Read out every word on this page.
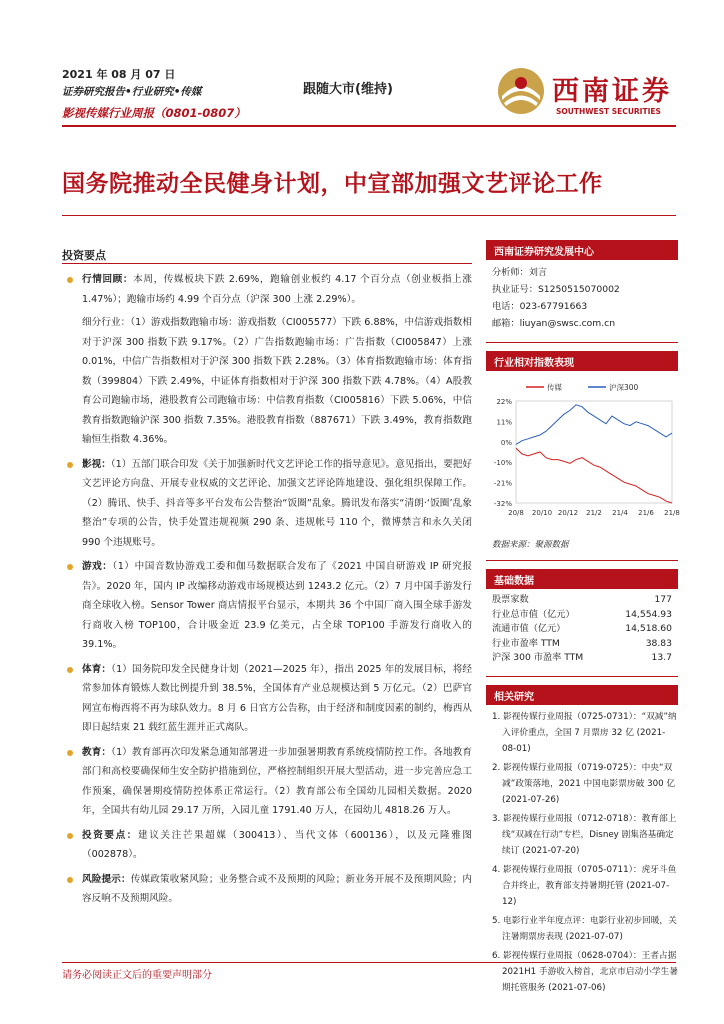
2021 年 08 月 07 日
证券研究报告•行业研究•传媒
影视传媒行业周报（0801-0807）
跟随大市(维持)	西南证券
SOUTHWEST SECURITIES
国务院推动全民健身计划，中宣部加强文艺评论工作
投资要点
行情回顾：本周，传媒板块下跌 2.69%，跑输创业板约 4.17 个百分点（创业板指上涨 1.47%）；跑输市场约 4.99 个百分点（沪深 300 上涨 2.29%）。

细分行业：（1）游戏指数跑输市场：游戏指数（CI005577）下跌 6.88%，中信游戏指数相对于沪深 300 指数下跌 9.17%。（2）广告指数跑输市场：广告指数（CI005847）上涨 0.01%，中信广告指数相对于沪深 300 指数下跌 2.28%。（3）体育指数跑输市场：体育指数（399804）下跌 2.49%，中证体育指数相对于沪深 300 指数下跌 4.78%。（4）A股教育公司跑输市场，港股教育公司跑输市场：中信教育指数（CI005816）下跌 5.06%，中信教育指数跑输沪深 300 指数 7.35%。港股教育指数（887671）下跌 3.49%，教育指数跑输恒生指数 4.36%。

影视：（1）五部门联合印发《关于加强新时代文艺评论工作的指导意见》。意见指出，要把好文艺评论方向盘、开展专业权威的文艺评论、加强文艺评论阵地建设、强化组织保障工作。（2）腾讯、快手、抖音等多平台发布公告整治“饭圈”乱象。腾讯发布落实“清朗·‘饭圈’乱象整治”专项的公告，快手处置违规视频 290 条、违规帐号 110 个，微博禁言和永久关闭 990 个违规账号。
游戏：（1）中国音数协游戏工委和伽马数据联合发布了《2021 中国自研游戏 IP 研究报告》。2020 年，国内 IP 改编移动游戏市场规模达到 1243.2 亿元。（2）7 月中国手游发行商全球收入榜。Sensor Tower 商店情报平台显示，本期共 36 个中国厂商入围全球手游发行商收入榜 TOP100，合计吸金近 23.9 亿美元，占全球 TOP100 手游发行商收入的 39.1%。
体育：（1）国务院印发全民健身计划（2021—2025 年），指出 2025 年的发展目标，将经常参加体育锻炼人数比例提升到 38.5%，全国体育产业总规模达到 5 万亿元。（2）巴萨官网宣布梅西将不再为球队效力。8 月 6 日官方公告称，由于经济和制度因素的制约，梅西从即日起结束 21 载红蓝生涯并正式离队。
教育：（1）教育部再次印发紧急通知部署进一步加强暑期教育系统疫情防控工作。各地教育部门和高校要确保师生安全防护措施到位，严格控制组织开展大型活动，进一步完善应急工作预案，确保暑期疫情防控体系正常运行。（2）教育部公布全国幼儿园相关数据。2020 年，全国共有幼儿园 29.17 万所，入园儿童 1791.40 万人，在园幼儿 4818.26 万人。
投资要点：建议关注芒果超媒（300413）、当代文体（600136），以及元隆雅图（002878）。
风险提示：传媒政策收紧风险；业务整合或不及预期的风险；新业务开展不及预期风险；内容反响不及预期风险。
西南证券研究发展中心
分析师：刘言
执业证号：S1250515070002
电话：023-67791663
邮箱：liuyan@swsc.com.cn
行业相对指数表现
22%
11%
0%
-10%
-21%
-32%
20/8 20/10 20/12 21/2 21/4 21/6 21/8
传媒	沪深300
数据来源：聚源数据
基础数据
股票家数	177
行业总市值（亿元）	14,554.93
流通市值（亿元）	14,518.60
行业市盈率 TTM	38.83
沪深 300 市盈率 TTM	13.7
相关研究
1. 影视传媒行业周报（0725-0731）：“双减”纳入评价重点，全国 7 月票房 32 亿 (2021-08-01)
2. 影视传媒行业周报（0719-0725）：中央“双减”政策落地，2021 中国电影票房破 300 亿 (2021-07-26)
3. 影视传媒行业周报（0712-0718）：教育部上线“双减在行动”专栏，Disney 剧集洛基确定续订 (2021-07-20)
4. 影视传媒行业周报（0705-0711）：虎牙斗鱼合并终止，教育部支持暑期托管 (2021-07-12)
5. 电影行业半年度点评：电影行业初步回暖，关注暑期票房表现 (2021-07-07)
6. 影视传媒行业周报（0628-0704）：王者占据 2021H1 手游收入榜首，北京市启动小学生暑期托管服务 (2021-07-06)
请务必阅读正文后的重要声明部分
